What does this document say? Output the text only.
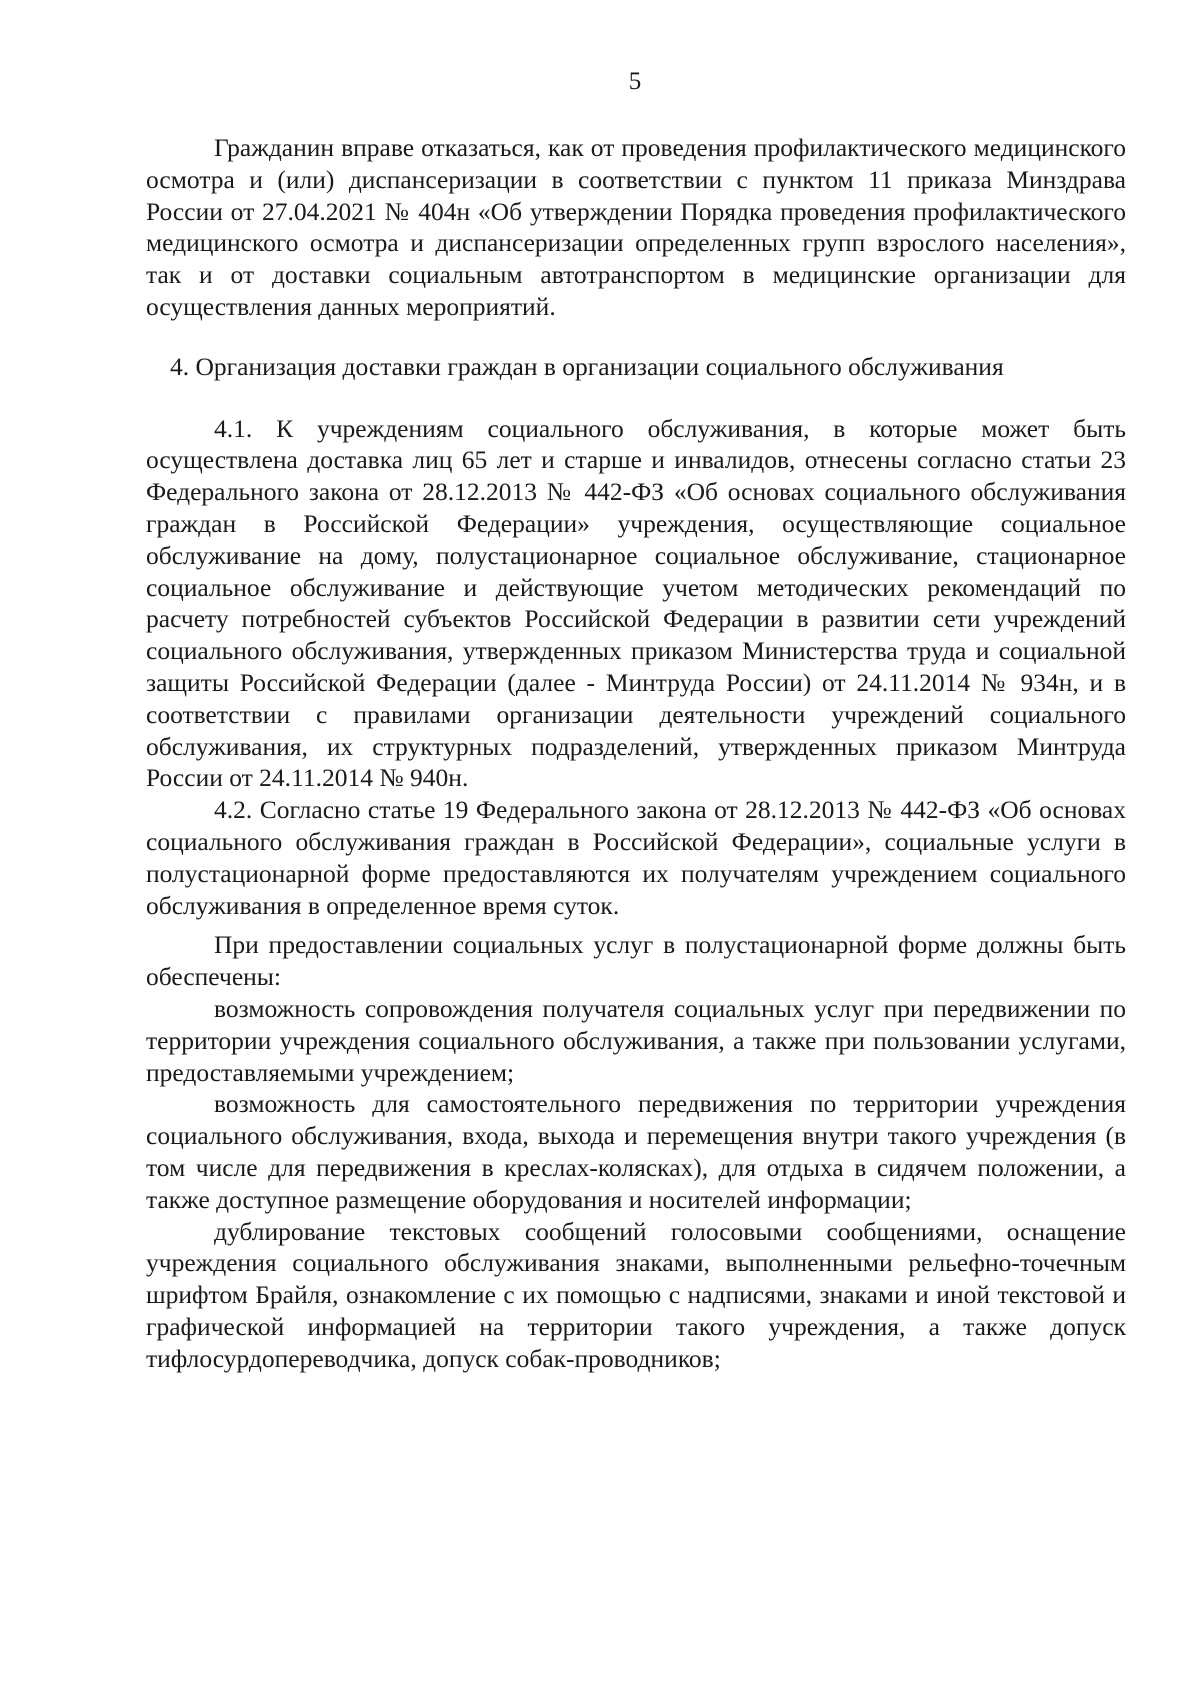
5

Гражданин вправе отказаться, как от проведения профилактического медицинского осмотра и (или) диспансеризации в соответствии с пунктом 11 приказа Минздрава России от 27.04.2021 № 404н «Об утверждении Порядка проведения профилактического медицинского осмотра и диспансеризации определенных групп взрослого населения», так и от доставки социальным автотранспортом в медицинские организации для осуществления данных мероприятий.

4. Организация доставки граждан в организации социального обслуживания

4.1. К учреждениям социального обслуживания, в которые может быть осуществлена доставка лиц 65 лет и старше и инвалидов, отнесены согласно статьи 23 Федерального закона от 28.12.2013 № 442-ФЗ «Об основах социального обслуживания граждан в Российской Федерации» учреждения, осуществляющие социальное обслуживание на дому, полустационарное социальное обслуживание, стационарное социальное обслуживание и действующие учетом методических рекомендаций по расчету потребностей субъектов Российской Федерации в развитии сети учреждений социального обслуживания, утвержденных приказом Министерства труда и социальной защиты Российской Федерации (далее - Минтруда России) от 24.11.2014 № 934н, и в соответствии с правилами организации деятельности учреждений социального обслуживания, их структурных подразделений, утвержденных приказом Минтруда России от 24.11.2014 № 940н.

4.2. Согласно статье 19 Федерального закона от 28.12.2013 № 442-ФЗ «Об основах социального обслуживания граждан в Российской Федерации», социальные услуги в полустационарной форме предоставляются их получателям учреждением социального обслуживания в определенное время суток.

При предоставлении социальных услуг в полустационарной форме должны быть обеспечены:

возможность сопровождения получателя социальных услуг при передвижении по территории учреждения социального обслуживания, а также при пользовании услугами, предоставляемыми учреждением;

возможность для самостоятельного передвижения по территории учреждения социального обслуживания, входа, выхода и перемещения внутри такого учреждения (в том числе для передвижения в креслах-колясках), для отдыха в сидячем положении, а также доступное размещение оборудования и носителей информации;

дублирование текстовых сообщений голосовыми сообщениями, оснащение учреждения социального обслуживания знаками, выполненными рельефно-точечным шрифтом Брайля, ознакомление с их помощью с надписями, знаками и иной текстовой и графической информацией на территории такого учреждения, а также допуск тифлосурдопереводчика, допуск собак-проводников;
